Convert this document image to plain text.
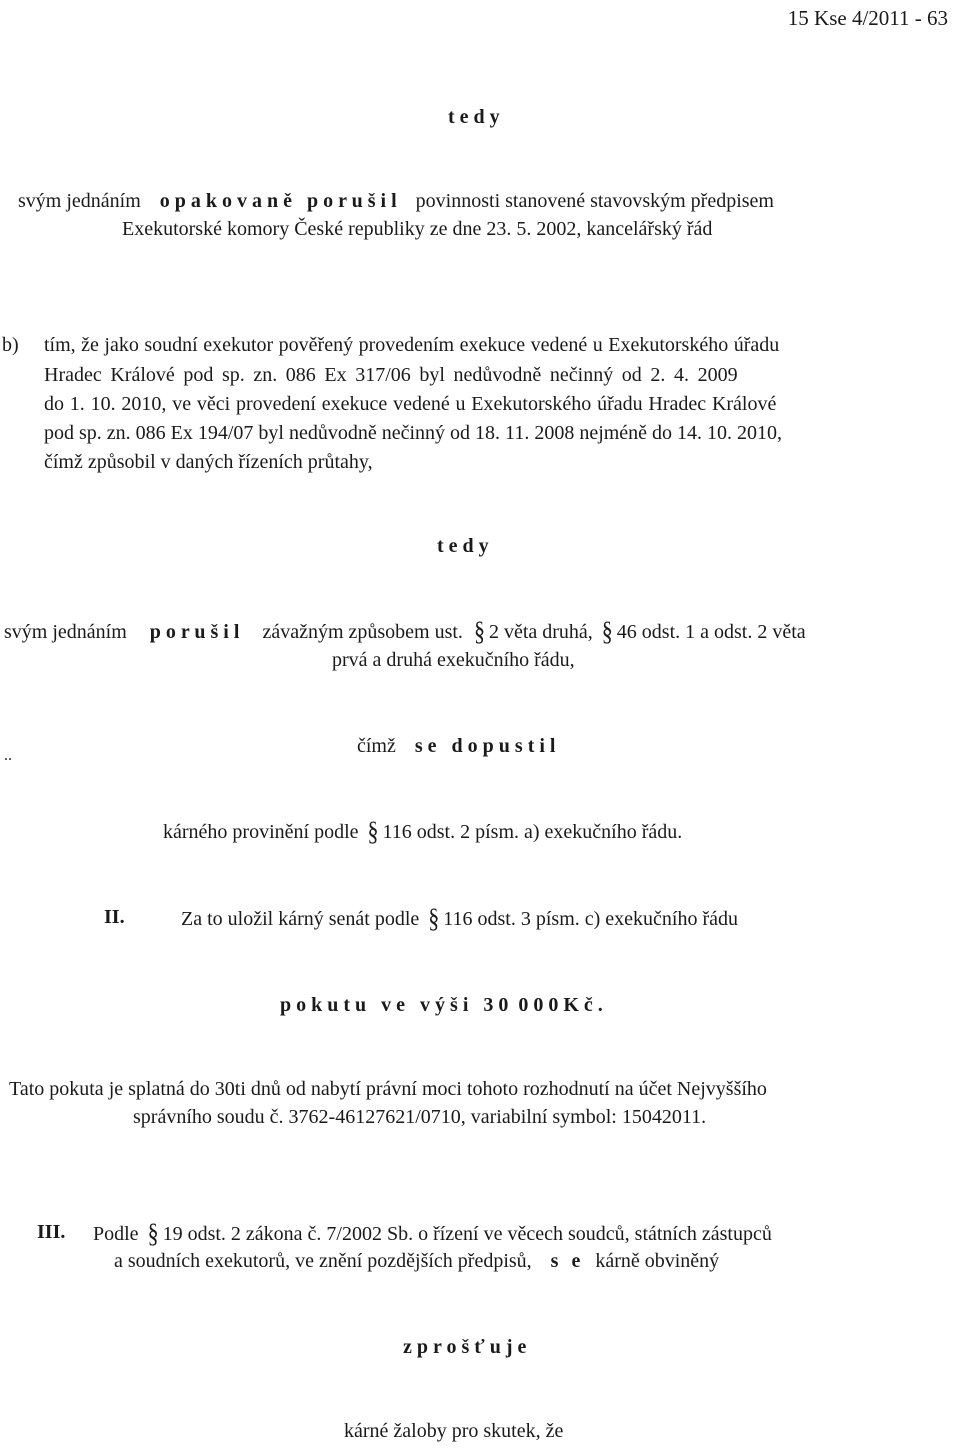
15 Kse 4/2011 - 63
t e d y
svým jednáním o p a k o v a n ě   p o r u š i l povinnosti stanovené stavovským předpisem
Exekutorské komory České republiky ze dne 23. 5. 2002, kancelářský řád
b) tím, že jako soudní exekutor pověřený provedením exekuce vedené u Exekutorského úřadu
Hradec Králové pod sp. zn. 086 Ex 317/06 byl nedůvodně nečinný od 2. 4. 2009
do 1. 10. 2010, ve věci provedení exekuce vedené u Exekutorského úřadu Hradec Králové
pod sp. zn. 086 Ex 194/07 byl nedůvodně nečinný od 18. 11. 2008 nejméně do 14. 10. 2010,
čímž způsobil v daných řízeních průtahy,
t e d y
svým jednáním p o r u š i l závažným způsobem ust. § 2 věta druhá, § 46 odst. 1 a odst. 2 věta
prvá a druhá exekučního řádu,
..	čímž s e   d o p u s t i l
kárného provinění podle § 116 odst. 2 písm. a) exekučního řádu.
II.	Za to uložil kárný senát podle § 116 odst. 3 písm. c) exekučního řádu
p o k u t u   v e   v ý š i   3 0  0 0 0 K č .
Tato pokuta je splatná do 30ti dnů od nabytí právní moci tohoto rozhodnutí na účet Nejvyššího
správního soudu č. 3762-46127621/0710, variabilní symbol: 15042011.
III. Podle § 19 odst. 2 zákona č. 7/2002 Sb. o řízení ve věcech soudců, státních zástupců
a soudních exekutorů, ve znění pozdějších předpisů, s e kárně obviněný
z p r o š ť u j e
kárné žaloby pro skutek, že
